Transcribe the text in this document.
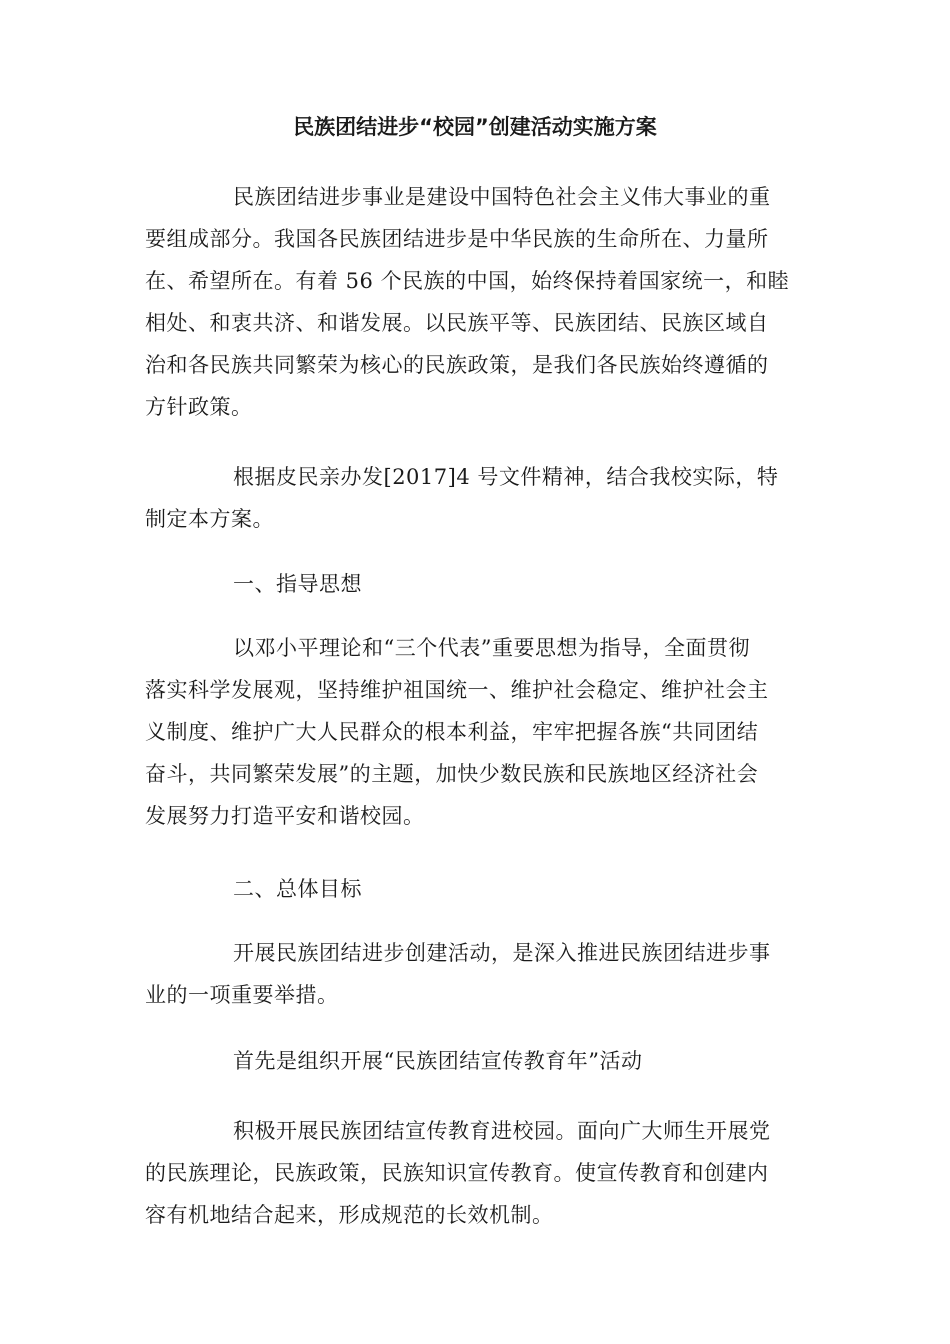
民族团结进步“校园”创建活动实施方案
民族团结进步事业是建设中国特色社会主义伟大事业的重
要组成部分。我国各民族团结进步是中华民族的生命所在、力量所
在、希望所在。有着 56 个民族的中国，始终保持着国家统一，和睦
相处、和衷共济、和谐发展。以民族平等、民族团结、民族区域自
治和各民族共同繁荣为核心的民族政策，是我们各民族始终遵循的
方针政策。
根据皮民亲办发[2017]4 号文件精神，结合我校实际，特
制定本方案。
一、指导思想
以邓小平理论和“三个代表”重要思想为指导，全面贯彻
落实科学发展观，坚持维护祖国统一、维护社会稳定、维护社会主
义制度、维护广大人民群众的根本利益，牢牢把握各族“共同团结
奋斗，共同繁荣发展”的主题，加快少数民族和民族地区经济社会
发展努力打造平安和谐校园。
二、总体目标
开展民族团结进步创建活动，是深入推进民族团结进步事
业的一项重要举措。
首先是组织开展“民族团结宣传教育年”活动
积极开展民族团结宣传教育进校园。面向广大师生开展党
的民族理论，民族政策，民族知识宣传教育。使宣传教育和创建内
容有机地结合起来，形成规范的长效机制。
